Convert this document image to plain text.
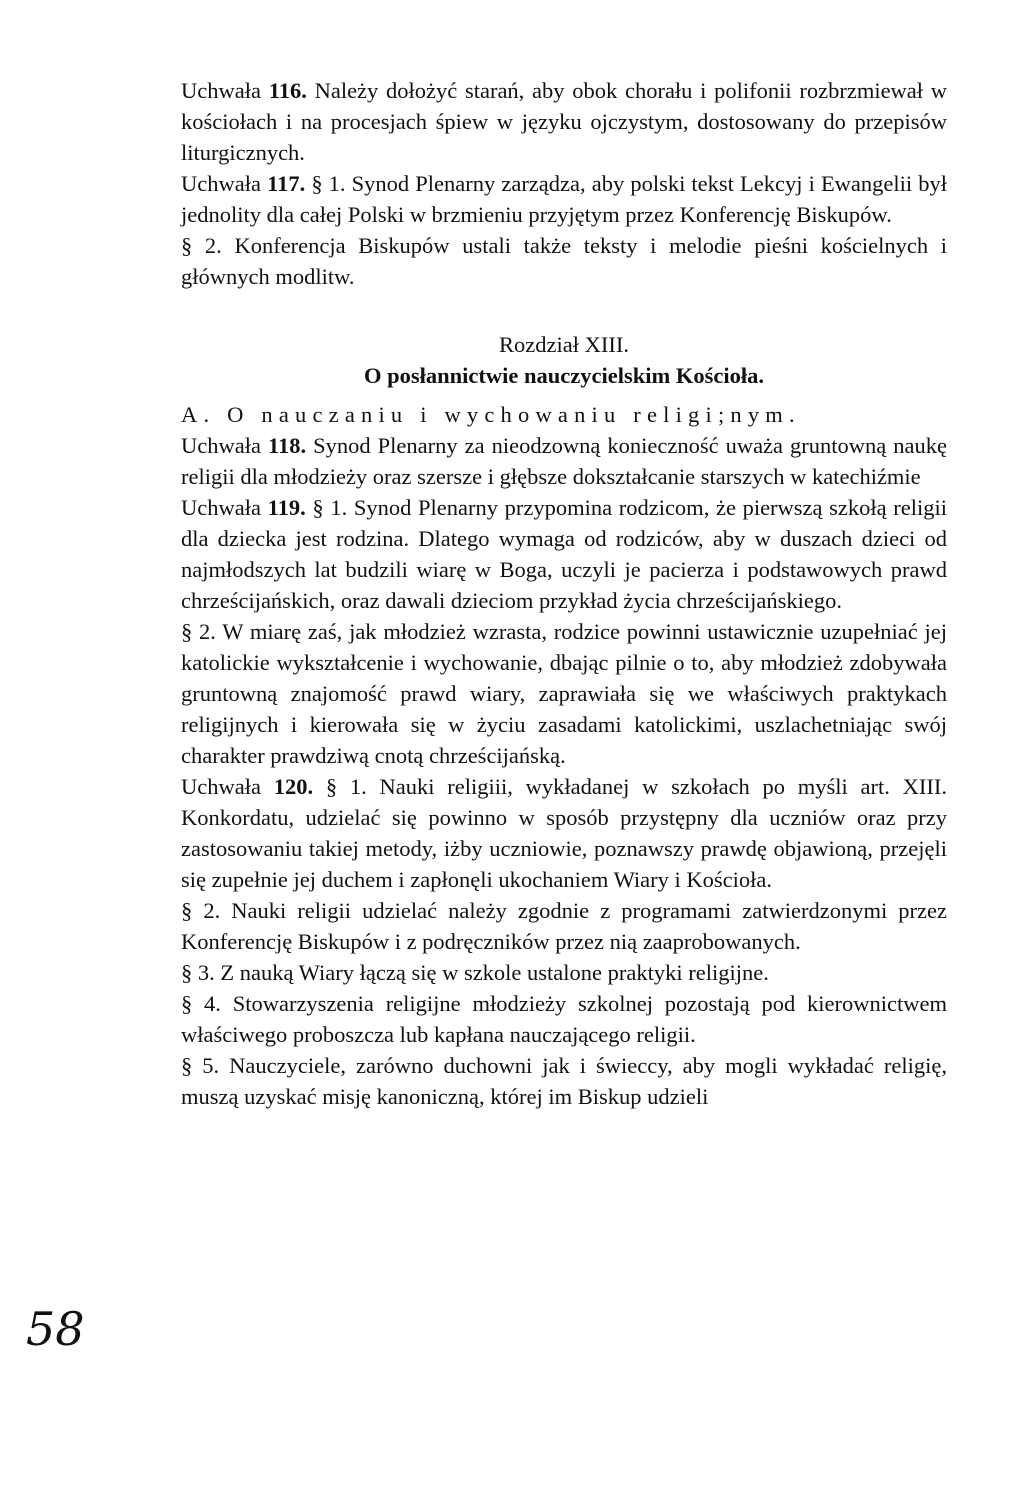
Uchwała 116. Należy dołożyć starań, aby obok chorału i polifonii rozbrzmiewał w kościołach i na procesjach śpiew w języku ojczystym, dostosowany do przepisów liturgicznych.

Uchwała 117. § 1. Synod Plenarny zarządza, aby polski tekst Lekcyj i Ewangelii był jednolity dla całej Polski w brzmieniu przyjętym przez Konferencję Biskupów.

§ 2. Konferencja Biskupów ustali także teksty i melodie pieśni kościelnych i głównych modlitw.

Rozdział XIII.

O posłannictwie nauczycielskim Kościoła.

A. O nauczaniu i wychowaniu religi;nym.

Uchwała 118. Synod Plenarny za nieodzowną konieczność uważa gruntowną naukę religii dla młodzieży oraz szersze i głębsze dokształcanie starszych w katechiźmie

Uchwała 119. § 1. Synod Plenarny przypomina rodzicom, że pierwszą szkołą religii dla dziecka jest rodzina. Dlatego wymaga od rodziców, aby w duszach dzieci od najmłodszych lat budzili wiarę w Boga, uczyli je pacierza i podstawowych prawd chrześcijańskich, oraz dawali dzieciom przykład życia chrześcijańskiego.

§ 2. W miarę zaś, jak młodzież wzrasta, rodzice powinni ustawicznie uzupełniać jej katolickie wykształcenie i wychowanie, dbając pilnie o to, aby młodzież zdobywała gruntowną znajomość prawd wiary, zaprawiała się we właściwych praktykach religijnych i kierowała się w życiu zasadami katolickimi, uszlachetniając swój charakter prawdziwą cnotą chrześcijańską.

Uchwała 120. § 1. Nauki religiii, wykładanej w szkołach po myśli art. XIII. Konkordatu, udzielać się powinno w sposób przystępny dla uczniów oraz przy zastosowaniu takiej metody, iżby uczniowie, poznawszy prawdę objawioną, przejęli się zupełnie jej duchem i zapłonęli ukochaniem Wiary i Kościoła.

§ 2. Nauki religii udzielać należy zgodnie z programami zatwierdzonymi przez Konferencję Biskupów i z podręczników przez nią zaaprobowanych.

§ 3. Z nauką Wiary łączą się w szkole ustalone praktyki religijne.

§ 4. Stowarzyszenia religijne młodzieży szkolnej pozostają pod kierownictwem właściwego proboszcza lub kapłana nauczającego religii.

§ 5. Nauczyciele, zarówno duchowni jak i świeccy, aby mogli wykładać religię, muszą uzyskać misję kanoniczną, której im Biskup udzieli

58
